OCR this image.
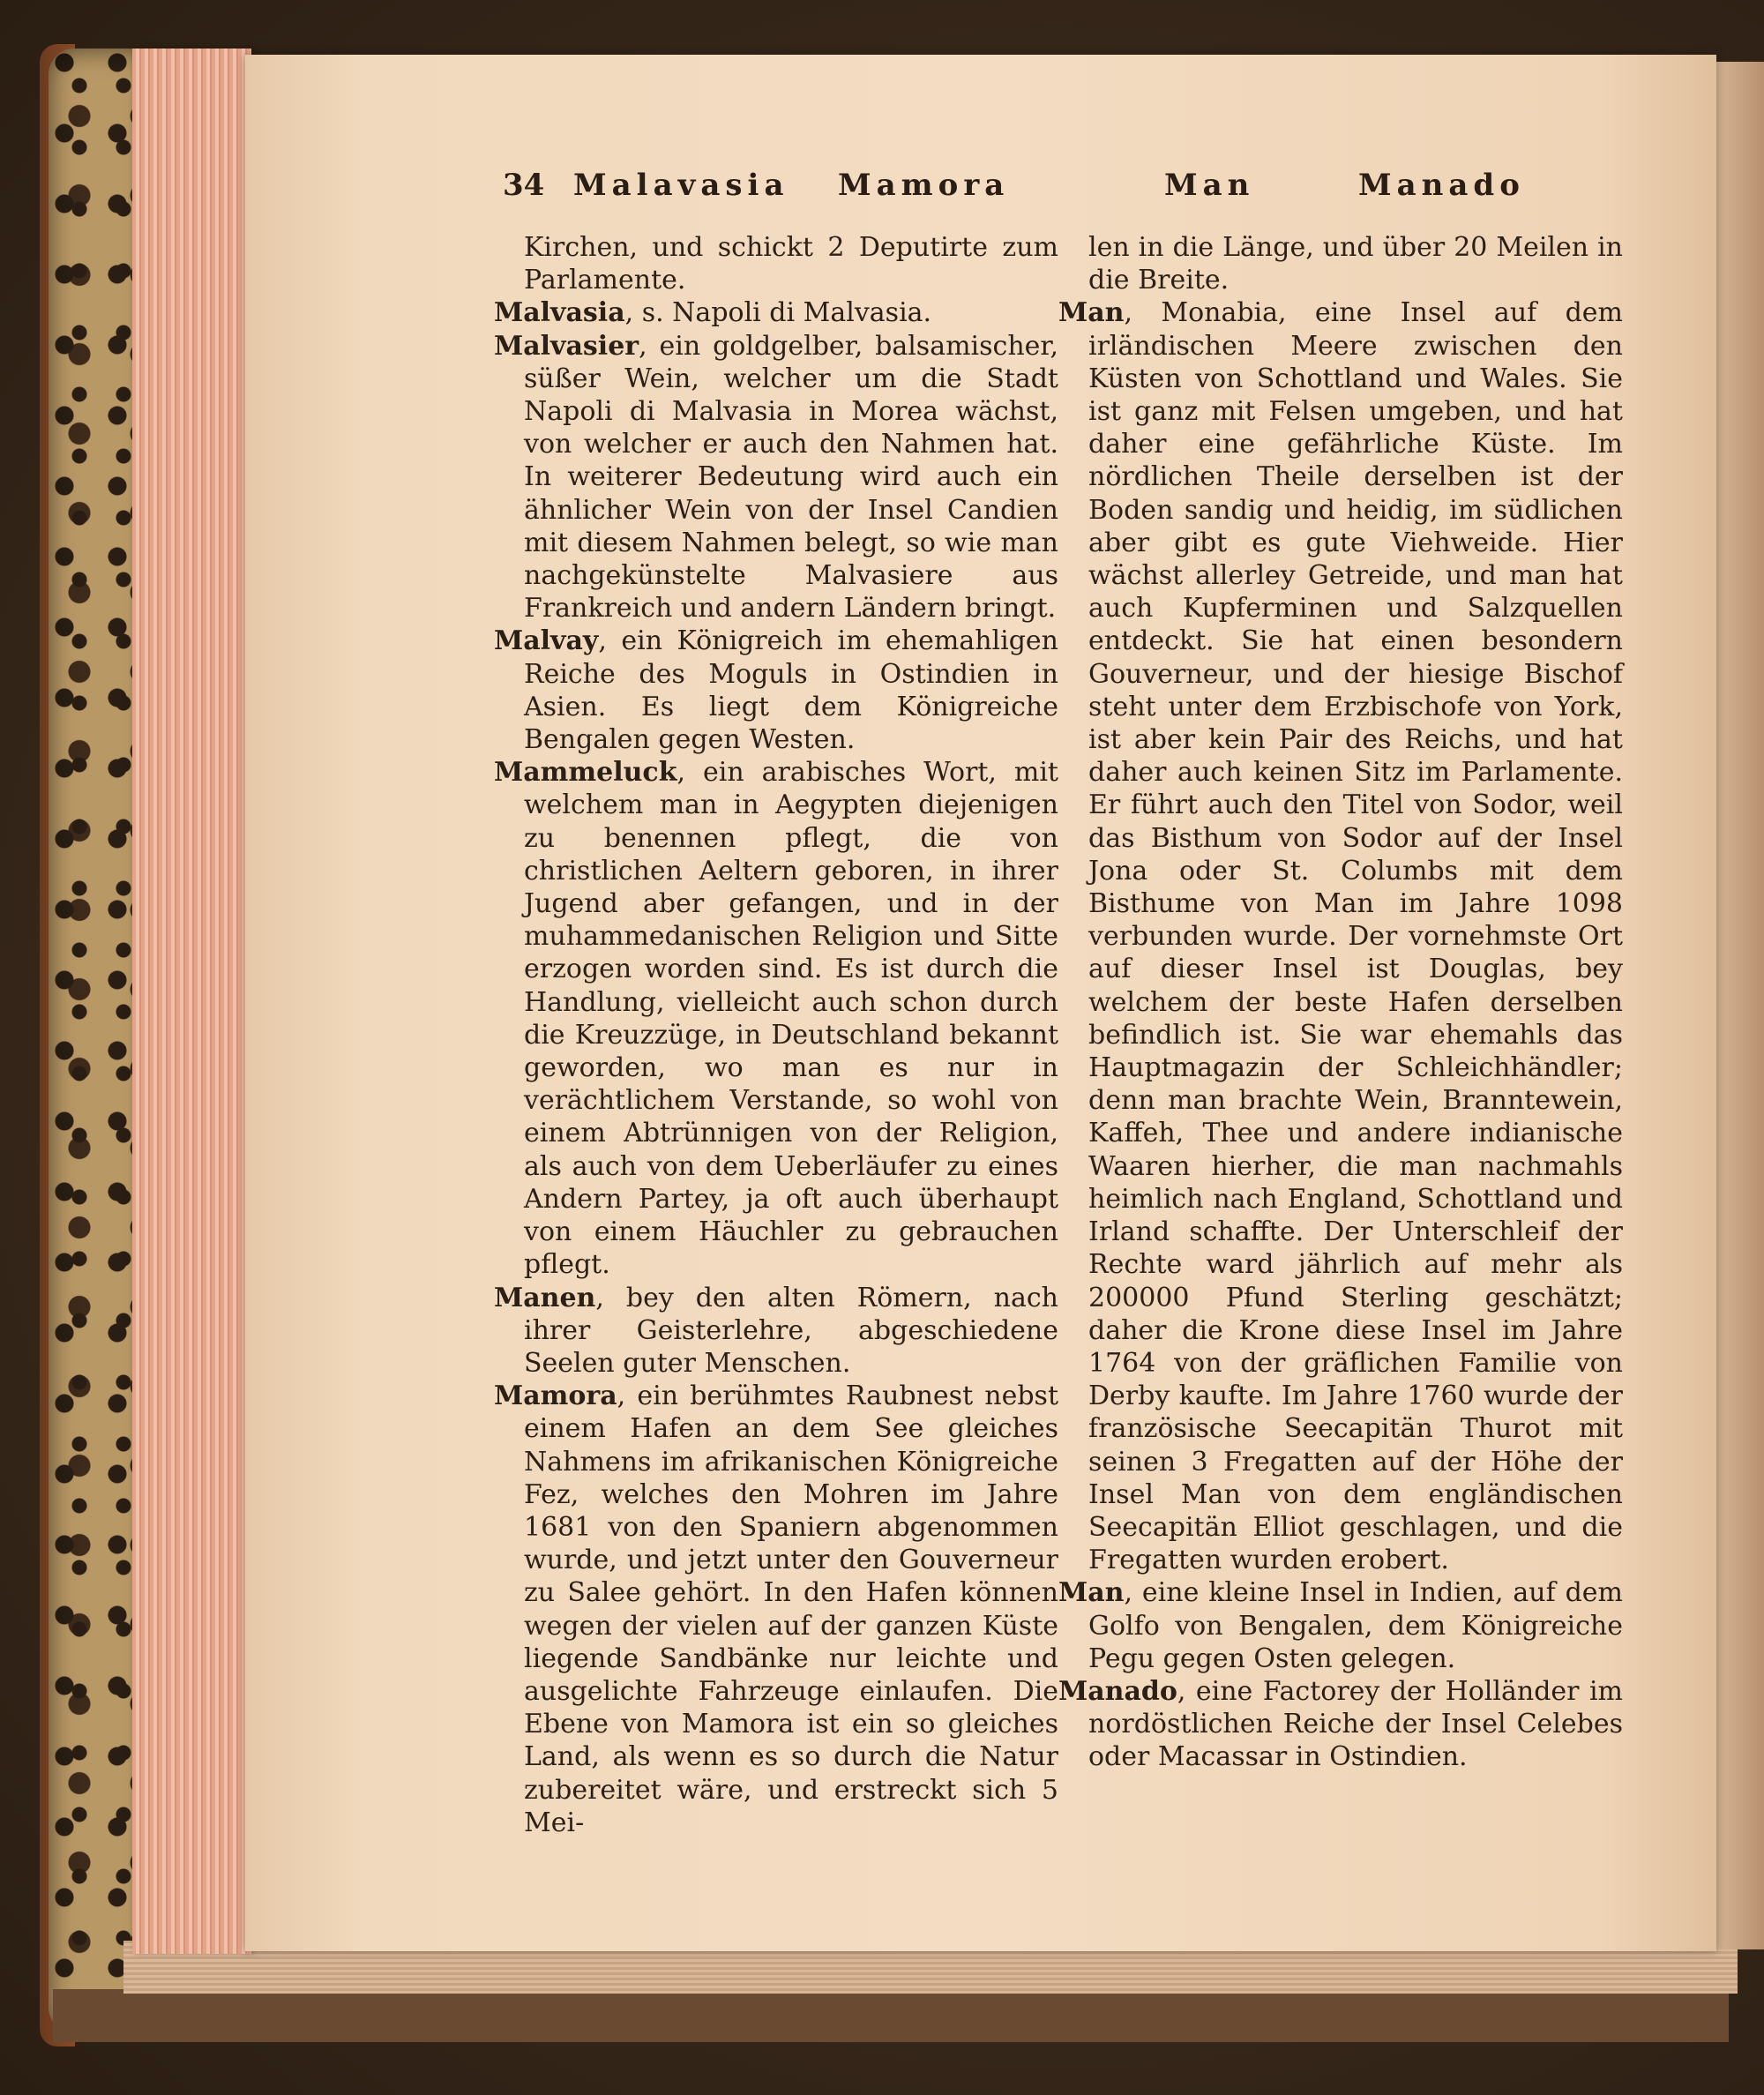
34 Malavasia Mamora	Man	Manado

Kirchen, und schickt 2 Deputirte zum Parlamente.

Malvasia, s. Napoli di Malvasia.

Malvasier, ein goldgelber, balsamischer, süßer Wein, welcher um die Stadt Napoli di Malvasia in Morea wächst, von welcher er auch den Nahmen hat. In weiterer Bedeutung wird auch ein ähnlicher Wein von der Insel Candien mit diesem Nahmen belegt, so wie man nachgekünstelte Malvasiere aus Frankreich und andern Ländern bringt.

Malvay, ein Königreich im ehemahligen Reiche des Moguls in Ostindien in Asien. Es liegt dem Königreiche Bengalen gegen Westen.

Mammeluck, ein arabisches Wort, mit welchem man in Aegypten diejenigen zu benennen pflegt, die von christlichen Aeltern geboren, in ihrer Jugend aber gefangen, und in der muhammedanischen Religion und Sitte erzogen worden sind. Es ist durch die Handlung, vielleicht auch schon durch die Kreuzzüge, in Deutschland bekannt geworden, wo man es nur in verächtlichem Verstande, so wohl von einem Abtrünnigen von der Religion, als auch von dem Ueberläufer zu eines Andern Partey, ja oft auch überhaupt von einem Häuchler zu gebrauchen pflegt.

Manen, bey den alten Römern, nach ihrer Geisterlehre, abgeschiedene Seelen guter Menschen.

Mamora, ein berühmtes Raubnest nebst einem Hafen an dem See gleiches Nahmens im afrikanischen Königreiche Fez, welches den Mohren im Jahre 1681 von den Spaniern abgenommen wurde, und jetzt unter den Gouverneur zu Salee gehört. In den Hafen können wegen der vielen auf der ganzen Küste liegende Sandbänke nur leichte und ausgelichte Fahrzeuge einlaufen. Die Ebene von Mamora ist ein so gleiches Land, als wenn es so durch die Natur zubereitet wäre, und erstreckt sich 5 Mei-

len in die Länge, und über 20 Meilen in die Breite.

Man, Monabia, eine Insel auf dem irländischen Meere zwischen den Küsten von Schottland und Wales. Sie ist ganz mit Felsen umgeben, und hat daher eine gefährliche Küste. Im nördlichen Theile derselben ist der Boden sandig und heidig, im südlichen aber gibt es gute Viehweide. Hier wächst allerley Getreide, und man hat auch Kupferminen und Salzquellen entdeckt. Sie hat einen besondern Gouverneur, und der hiesige Bischof steht unter dem Erzbischofe von York, ist aber kein Pair des Reichs, und hat daher auch keinen Sitz im Parlamente. Er führt auch den Titel von Sodor, weil das Bisthum von Sodor auf der Insel Jona oder St. Columbs mit dem Bisthume von Man im Jahre 1098 verbunden wurde. Der vornehmste Ort auf dieser Insel ist Douglas, bey welchem der beste Hafen derselben befindlich ist. Sie war ehemahls das Hauptmagazin der Schleichhändler; denn man brachte Wein, Branntewein, Kaffeh, Thee und andere indianische Waaren hierher, die man nachmahls heimlich nach England, Schottland und Irland schaffte. Der Unterschleif der Rechte ward jährlich auf mehr als 200000 Pfund Sterling geschätzt; daher die Krone diese Insel im Jahre 1764 von der gräflichen Familie von Derby kaufte. Im Jahre 1760 wurde der französische Seecapitän Thurot mit seinen 3 Fregatten auf der Höhe der Insel Man von dem engländischen Seecapitän Elliot geschlagen, und die Fregatten wurden erobert.

Man, eine kleine Insel in Indien, auf dem Golfo von Bengalen, dem Königreiche Pegu gegen Osten gelegen.

Manado, eine Factorey der Holländer im nordöstlichen Reiche der Insel Celebes oder Macassar in Ostindien.
